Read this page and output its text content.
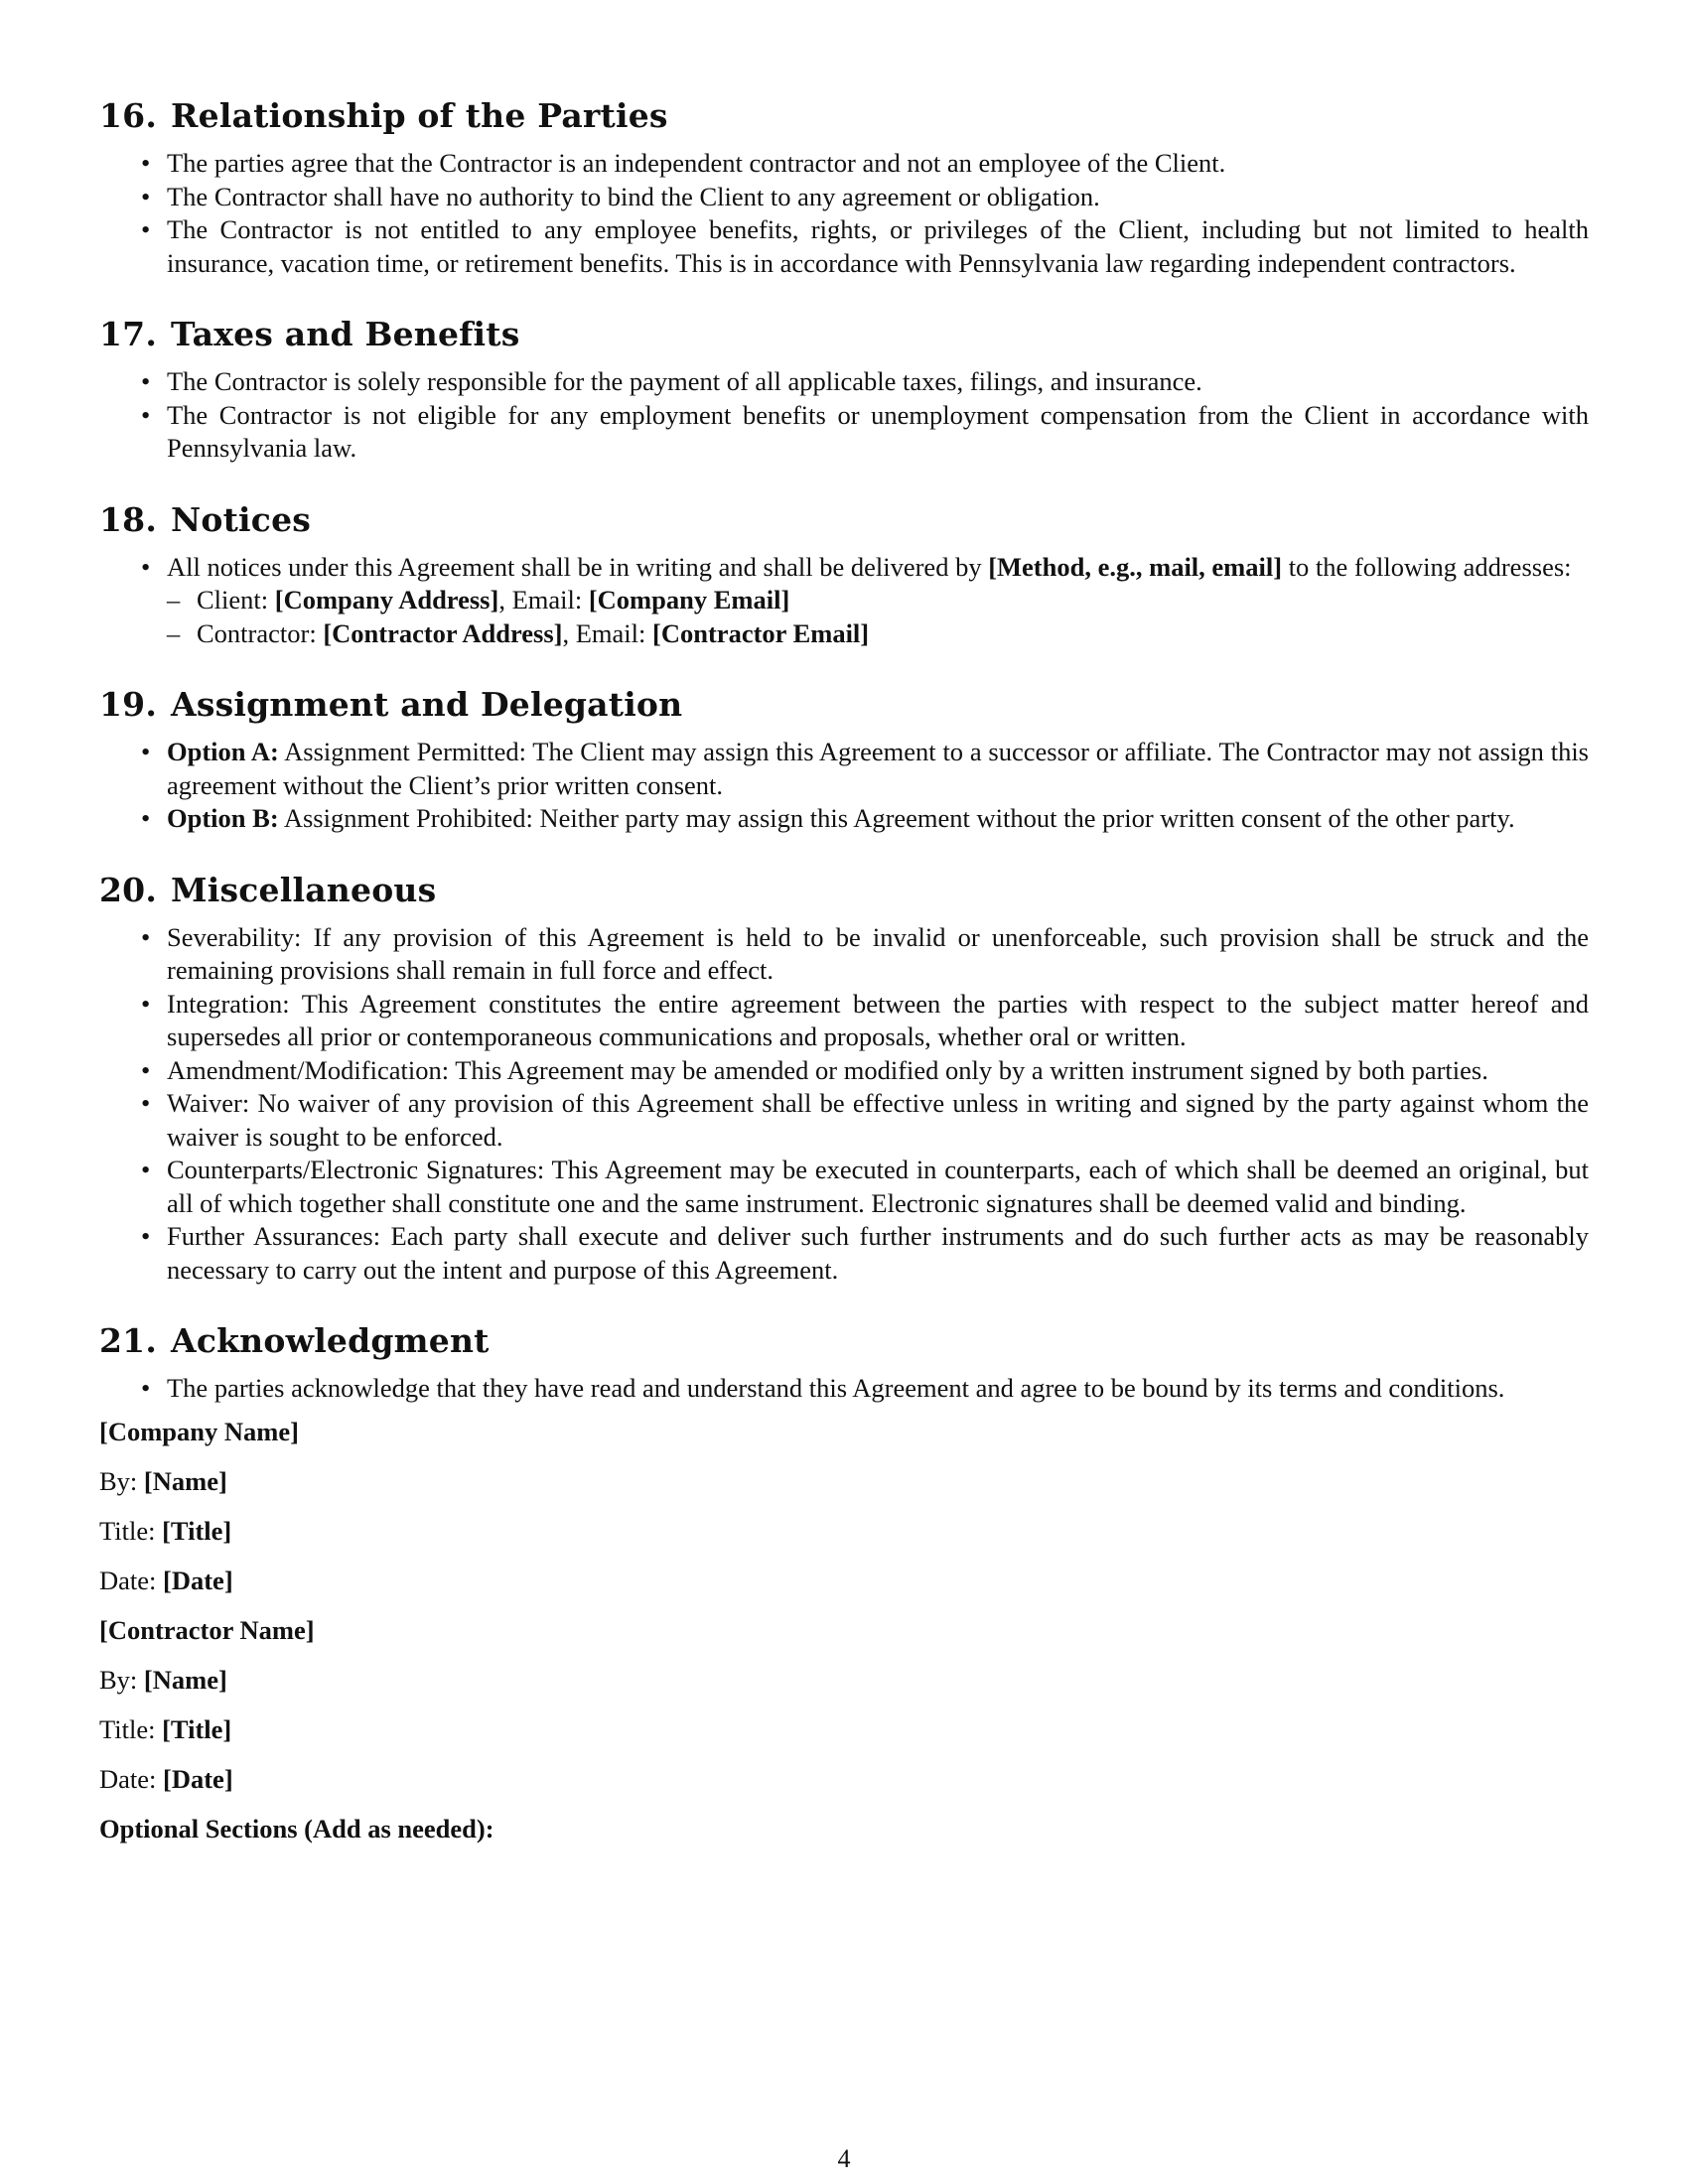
16. Relationship of the Parties
• The parties agree that the Contractor is an independent contractor and not an employee of the Client.
• The Contractor shall have no authority to bind the Client to any agreement or obligation.
• The Contractor is not entitled to any employee benefits, rights, or privileges of the Client, including but not limited to health insurance, vacation time, or retirement benefits. This is in accordance with Pennsylvania law regarding independent contractors.
17. Taxes and Benefits
• The Contractor is solely responsible for the payment of all applicable taxes, filings, and insurance.
• The Contractor is not eligible for any employment benefits or unemployment compensation from the Client in accordance with Pennsylvania law.
18. Notices
• All notices under this Agreement shall be in writing and shall be delivered by [Method, e.g., mail, email] to the following addresses:
– Client: [Company Address], Email: [Company Email]
– Contractor: [Contractor Address], Email: [Contractor Email]
19. Assignment and Delegation
• Option A: Assignment Permitted: The Client may assign this Agreement to a successor or affiliate. The Contractor may not assign this agreement without the Client’s prior written consent.
• Option B: Assignment Prohibited: Neither party may assign this Agreement without the prior written consent of the other party.
20. Miscellaneous
• Severability: If any provision of this Agreement is held to be invalid or unenforceable, such provision shall be struck and the remaining provisions shall remain in full force and effect.
• Integration: This Agreement constitutes the entire agreement between the parties with respect to the subject matter hereof and supersedes all prior or contemporaneous communications and proposals, whether oral or written.
• Amendment/Modification: This Agreement may be amended or modified only by a written instrument signed by both parties.
• Waiver: No waiver of any provision of this Agreement shall be effective unless in writing and signed by the party against whom the waiver is sought to be enforced.
• Counterparts/Electronic Signatures: This Agreement may be executed in counterparts, each of which shall be deemed an original, but all of which together shall constitute one and the same instrument. Electronic signatures shall be deemed valid and binding.
• Further Assurances: Each party shall execute and deliver such further instruments and do such further acts as may be reasonably necessary to carry out the intent and purpose of this Agreement.
21. Acknowledgment
• The parties acknowledge that they have read and understand this Agreement and agree to be bound by its terms and conditions.

[Company Name]

By: [Name]

Title: [Title]

Date: [Date]

[Contractor Name]

By: [Name]

Title: [Title]

Date: [Date]

Optional Sections (Add as needed):

4
